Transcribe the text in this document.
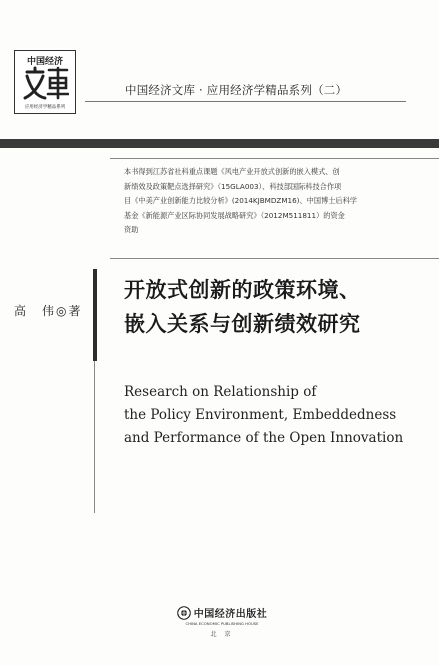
中国经济
应用经济学精品系列
中国经济文库 · 应用经济学精品系列（二）
本书得到江苏省社科重点课题《风电产业开放式创新的嵌入模式、创
新绩效及政策靶点选择研究》（15GLA003）、科技部国际科技合作项
目《中美产业创新能力比较分析》(2014KJBMDZM16)、中国博士后科学
基金《新能源产业区际协同发展战略研究》（2012M511811）的资金
资助
高　伟◎著
开放式创新的政策环境、
嵌入关系与创新绩效研究
Research on Relationship of
the Policy Environment, Embeddedness
and Performance of the Open Innovation
中国经济出版社
CHINA ECONOMIC PUBLISHING HOUSE
北 京
